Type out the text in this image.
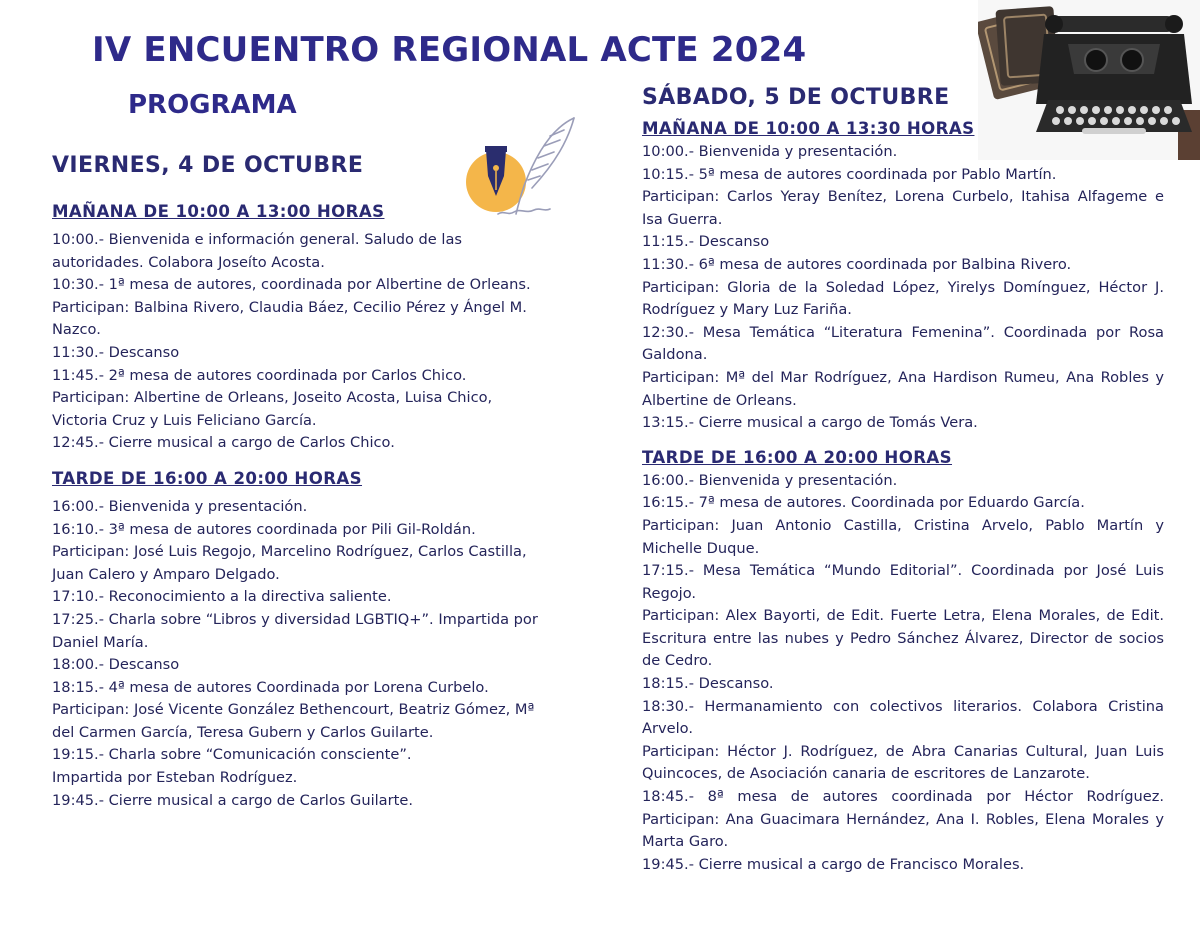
IV ENCUENTRO REGIONAL ACTE 2024
PROGRAMA
VIERNES, 4 DE OCTUBRE
MAÑANA DE 10:00 A 13:00 HORAS

10:00.- Bienvenida e información general. Saludo de las autoridades. Colabora Joseíto Acosta.

10:30.- 1ª mesa de autores, coordinada por Albertine de Orleans. Participan: Balbina Rivero, Claudia Báez, Cecilio Pérez y Ángel M. Nazco.

11:30.- Descanso

11:45.- 2ª mesa de autores coordinada por Carlos Chico. Participan: Albertine de Orleans, Joseito Acosta, Luisa Chico, Victoria Cruz y Luis Feliciano García.

12:45.- Cierre musical a cargo de Carlos Chico.

TARDE DE 16:00 A 20:00 HORAS

16:00.- Bienvenida y presentación.

16:10.- 3ª mesa de autores coordinada por Pili Gil-Roldán. Participan: José Luis Regojo, Marcelino Rodríguez, Carlos Castilla, Juan Calero y Amparo Delgado.

17:10.- Reconocimiento a la directiva saliente.

17:25.- Charla sobre “Libros y diversidad LGBTIQ+”. Impartida por Daniel María.

18:00.- Descanso

18:15.- 4ª mesa de autores Coordinada por Lorena Curbelo.

Participan: José Vicente González Bethencourt, Beatriz Gómez, Mª del Carmen García, Teresa Gubern y Carlos Guilarte.

19:15.- Charla sobre “Comunicación consciente”.

Impartida por Esteban Rodríguez.

19:45.- Cierre musical a cargo de Carlos Guilarte.

SÁBADO, 5 DE OCTUBRE
MAÑANA DE 10:00 A 13:30 HORAS

10:00.- Bienvenida y presentación.

10:15.- 5ª mesa de autores coordinada por Pablo Martín.

Participan: Carlos Yeray Benítez, Lorena Curbelo, Itahisa Alfageme e Isa Guerra.

11:15.- Descanso

11:30.- 6ª mesa de autores coordinada por Balbina Rivero.

Participan: Gloria de la Soledad López, Yirelys Domínguez, Héctor J. Rodríguez y Mary Luz Fariña.

12:30.- Mesa Temática “Literatura Femenina”. Coordinada por Rosa Galdona.

Participan: Mª del Mar Rodríguez, Ana Hardison Rumeu, Ana Robles y Albertine de Orleans.

13:15.- Cierre musical a cargo de Tomás Vera.

TARDE DE 16:00 A 20:00 HORAS

16:00.- Bienvenida y presentación.

16:15.- 7ª mesa de autores. Coordinada por Eduardo García.

Participan: Juan Antonio Castilla, Cristina Arvelo, Pablo Martín y Michelle Duque.

17:15.- Mesa Temática “Mundo Editorial”. Coordinada por José Luis Regojo.

Participan: Alex Bayorti, de Edit. Fuerte Letra, Elena Morales, de Edit. Escritura entre las nubes y Pedro Sánchez Álvarez, Director de socios de Cedro.

18:15.- Descanso.

18:30.- Hermanamiento con colectivos literarios. Colabora Cristina Arvelo.

Participan: Héctor J. Rodríguez, de Abra Canarias Cultural, Juan Luis Quincoces, de Asociación canaria de escritores de Lanzarote.

18:45.- 8ª mesa de autores coordinada por Héctor Rodríguez. Participan: Ana Guacimara Hernández, Ana I. Robles, Elena Morales y Marta Garo.

19:45.- Cierre musical a cargo de Francisco Morales.
